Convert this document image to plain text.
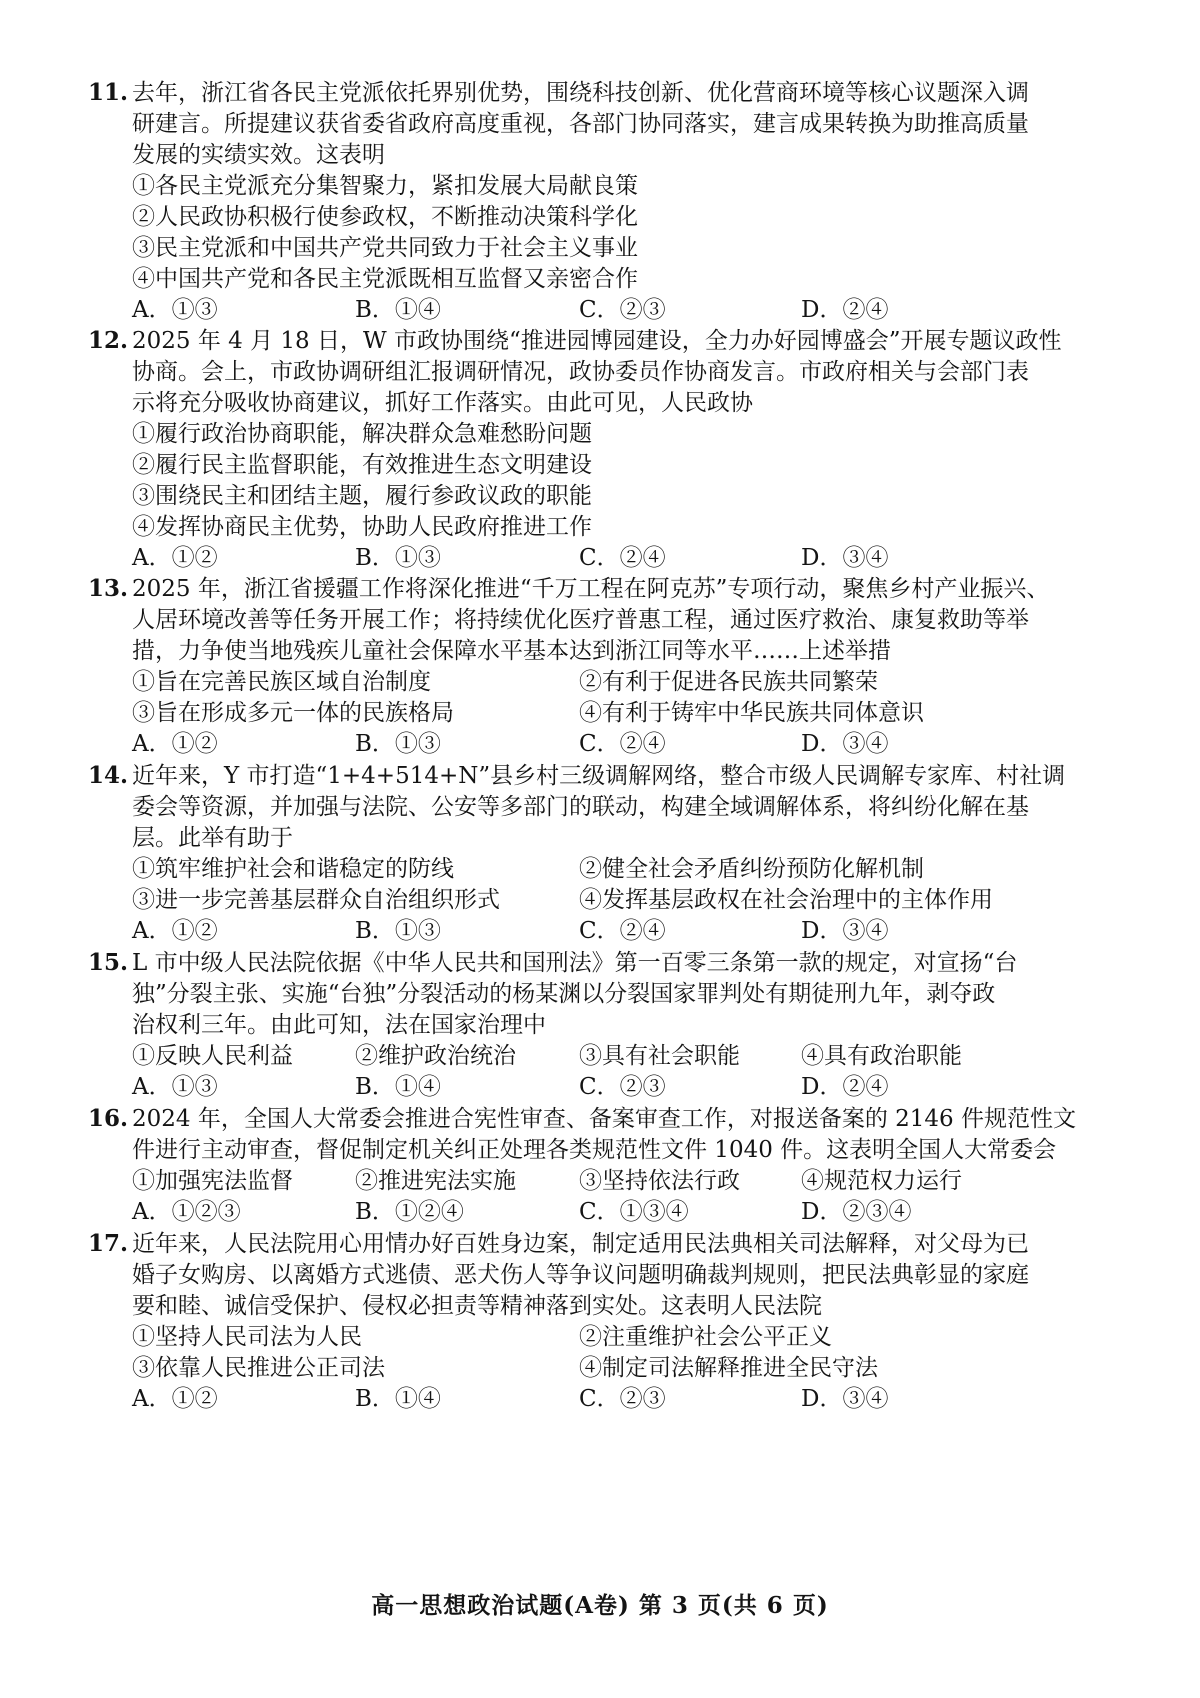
11. 去年，浙江省各民主党派依托界别优势，围绕科技创新、优化营商环境等核心议题深入调
研建言。所提建议获省委省政府高度重视，各部门协同落实，建言成果转换为助推高质量
发展的实绩实效。这表明
①各民主党派充分集智聚力，紧扣发展大局献良策
②人民政协积极行使参政权，不断推动决策科学化
③民主党派和中国共产党共同致力于社会主义事业
④中国共产党和各民主党派既相互监督又亲密合作
A．①③	B．①④	C．②③	D．②④
12. 2025 年 4 月 18 日，W 市政协围绕“推进园博园建设，全力办好园博盛会”开展专题议政性
协商。会上，市政协调研组汇报调研情况，政协委员作协商发言。市政府相关与会部门表
示将充分吸收协商建议，抓好工作落实。由此可见，人民政协
①履行政治协商职能，解决群众急难愁盼问题
②履行民主监督职能，有效推进生态文明建设
③围绕民主和团结主题，履行参政议政的职能
④发挥协商民主优势，协助人民政府推进工作
A．①②	B．①③	C．②④	D．③④
13. 2025 年，浙江省援疆工作将深化推进“千万工程在阿克苏”专项行动，聚焦乡村产业振兴、
人居环境改善等任务开展工作；将持续优化医疗普惠工程，通过医疗救治、康复救助等举
措，力争使当地残疾儿童社会保障水平基本达到浙江同等水平……上述举措
①旨在完善民族区域自治制度	②有利于促进各民族共同繁荣
③旨在形成多元一体的民族格局	④有利于铸牢中华民族共同体意识
A．①②	B．①③	C．②④	D．③④
14. 近年来，Y 市打造“1+4+514+N”县乡村三级调解网络，整合市级人民调解专家库、村社调
委会等资源，并加强与法院、公安等多部门的联动，构建全域调解体系，将纠纷化解在基
层。此举有助于
①筑牢维护社会和谐稳定的防线	②健全社会矛盾纠纷预防化解机制
③进一步完善基层群众自治组织形式	④发挥基层政权在社会治理中的主体作用
A．①②	B．①③	C．②④	D．③④
15. L 市中级人民法院依据《中华人民共和国刑法》第一百零三条第一款的规定，对宣扬“台
独”分裂主张、实施“台独”分裂活动的杨某渊以分裂国家罪判处有期徒刑九年，剥夺政
治权利三年。由此可知，法在国家治理中
①反映人民利益	②维护政治统治	③具有社会职能	④具有政治职能
A．①③	B．①④	C．②③	D．②④
16. 2024 年，全国人大常委会推进合宪性审查、备案审查工作，对报送备案的 2146 件规范性文
件进行主动审查，督促制定机关纠正处理各类规范性文件 1040 件。这表明全国人大常委会
①加强宪法监督	②推进宪法实施	③坚持依法行政	④规范权力运行
A．①②③	B．①②④	C．①③④	D．②③④
17. 近年来，人民法院用心用情办好百姓身边案，制定适用民法典相关司法解释，对父母为已
婚子女购房、以离婚方式逃债、恶犬伤人等争议问题明确裁判规则，把民法典彰显的家庭
要和睦、诚信受保护、侵权必担责等精神落到实处。这表明人民法院
①坚持人民司法为人民	②注重维护社会公平正义
③依靠人民推进公正司法	④制定司法解释推进全民守法
A．①②	B．①④	C．②③	D．③④
高一思想政治试题(A卷) 第 3 页(共 6 页)
